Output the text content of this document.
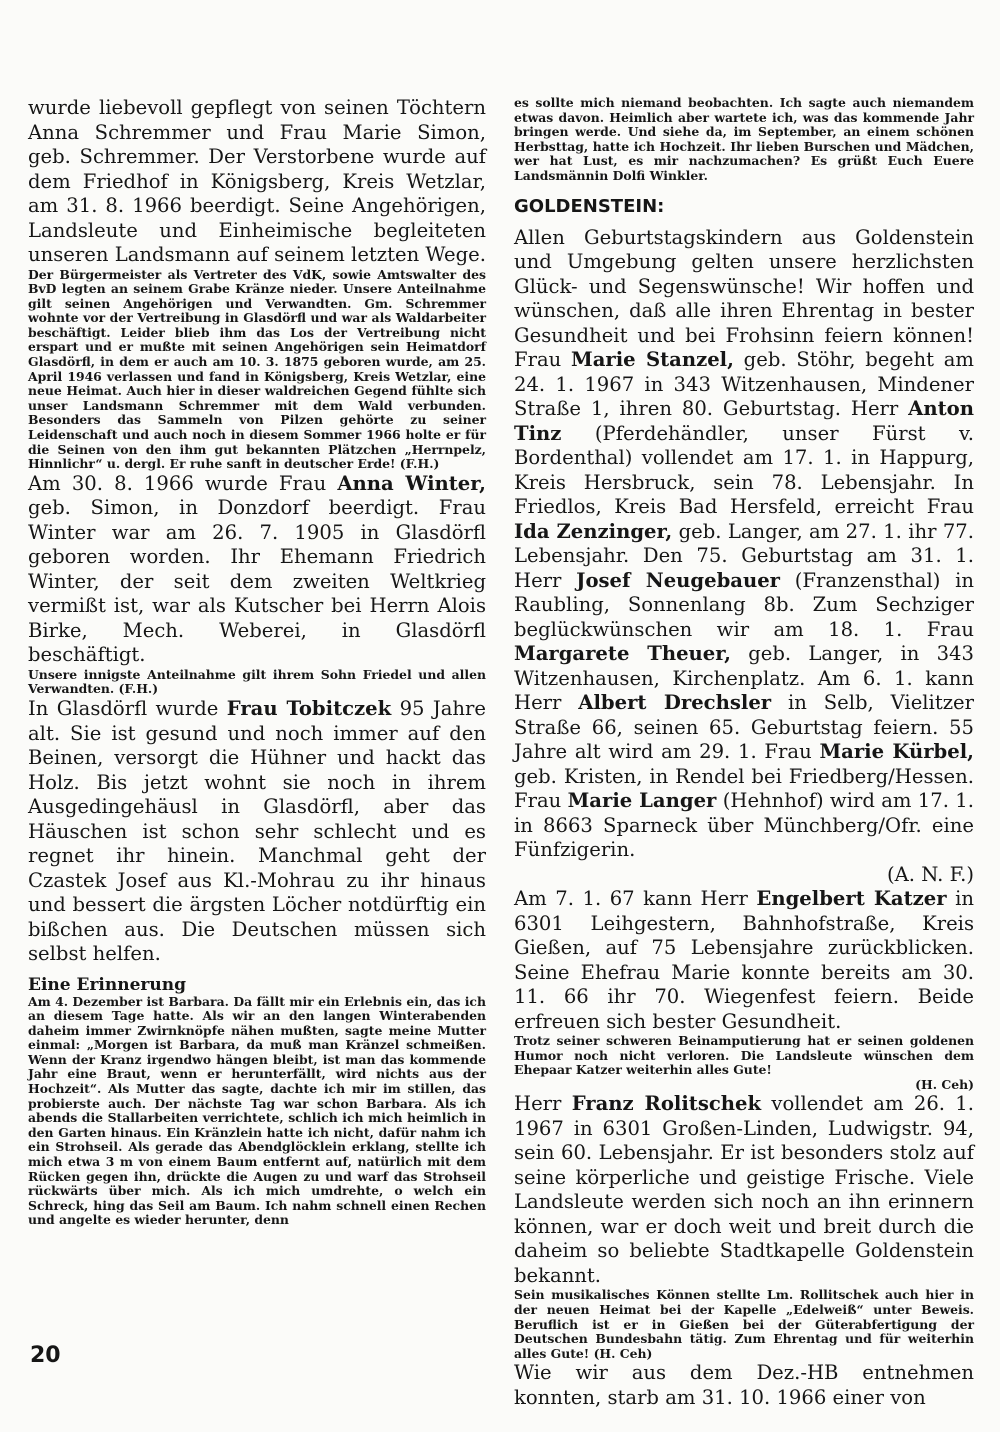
wurde liebevoll gepflegt von seinen Töchtern Anna Schremmer und Frau Marie Simon, geb. Schremmer. Der Verstorbene wurde auf dem Friedhof in Königsberg, Kreis Wetzlar, am 31. 8. 1966 beerdigt. Seine Angehörigen, Landsleute und Einheimische begleiteten unseren Landsmann auf seinem letzten Wege.

Der Bürgermeister als Vertreter des VdK, sowie Amtswalter des BvD legten an seinem Grabe Kränze nieder. Unsere Anteilnahme gilt seinen Angehörigen und Verwandten. Gm. Schremmer wohnte vor der Vertreibung in Glasdörfl und war als Waldarbeiter beschäftigt. Leider blieb ihm das Los der Vertreibung nicht erspart und er mußte mit seinen Angehörigen sein Heimatdorf Glasdörfl, in dem er auch am 10. 3. 1875 geboren wurde, am 25. April 1946 verlassen und fand in Königsberg, Kreis Wetzlar, eine neue Heimat. Auch hier in dieser waldreichen Gegend fühlte sich unser Landsmann Schremmer mit dem Wald verbunden. Besonders das Sammeln von Pilzen gehörte zu seiner Leidenschaft und auch noch in diesem Sommer 1966 holte er für die Seinen von den ihm gut bekannten Plätzchen „Herrnpelz, Hinnlichr“ u. dergl. Er ruhe sanft in deutscher Erde! (F.H.)

Am 30. 8. 1966 wurde Frau Anna Winter, geb. Simon, in Donzdorf beerdigt. Frau Winter war am 26. 7. 1905 in Glasdörfl geboren worden. Ihr Ehemann Friedrich Winter, der seit dem zweiten Weltkrieg vermißt ist, war als Kutscher bei Herrn Alois Birke, Mech. Weberei, in Glasdörfl beschäftigt.

Unsere innigste Anteilnahme gilt ihrem Sohn Friedel und allen Verwandten. (F.H.)

In Glasdörfl wurde Frau Tobitczek 95 Jahre alt. Sie ist gesund und noch immer auf den Beinen, versorgt die Hühner und hackt das Holz. Bis jetzt wohnt sie noch in ihrem Ausgedingehäusl in Glasdörfl, aber das Häuschen ist schon sehr schlecht und es regnet ihr hinein. Manchmal geht der Czastek Josef aus Kl.-Mohrau zu ihr hinaus und bessert die ärgsten Löcher notdürftig ein bißchen aus. Die Deutschen müssen sich selbst helfen.

Eine Erinnerung

Am 4. Dezember ist Barbara. Da fällt mir ein Erlebnis ein, das ich an diesem Tage hatte. Als wir an den langen Winterabenden daheim immer Zwirnknöpfe nähen mußten, sagte meine Mutter einmal: „Morgen ist Barbara, da muß man Kränzel schmeißen. Wenn der Kranz irgendwo hängen bleibt, ist man das kommende Jahr eine Braut, wenn er herunterfällt, wird nichts aus der Hochzeit“. Als Mutter das sagte, dachte ich mir im stillen, das probierste auch. Der nächste Tag war schon Barbara. Als ich abends die Stallarbeiten verrichtete, schlich ich mich heimlich in den Garten hinaus. Ein Kränzlein hatte ich nicht, dafür nahm ich ein Strohseil. Als gerade das Abendglöcklein erklang, stellte ich mich etwa 3 m von einem Baum entfernt auf, natürlich mit dem Rücken gegen ihn, drückte die Augen zu und warf das Strohseil rückwärts über mich. Als ich mich umdrehte, o welch ein Schreck, hing das Seil am Baum. Ich nahm schnell einen Rechen und angelte es wieder herunter, denn

es sollte mich niemand beobachten. Ich sagte auch niemandem etwas davon. Heimlich aber wartete ich, was das kommende Jahr bringen werde. Und siehe da, im September, an einem schönen Herbsttag, hatte ich Hochzeit. Ihr lieben Burschen und Mädchen, wer hat Lust, es mir nachzumachen? Es grüßt Euch Euere Landsmännin Dolfi Winkler.

GOLDENSTEIN:

Allen Geburtstagskindern aus Goldenstein und Umgebung gelten unsere herzlichsten Glück- und Segenswünsche! Wir hoffen und wünschen, daß alle ihren Ehrentag in bester Gesundheit und bei Frohsinn feiern können! Frau Marie Stanzel, geb. Stöhr, begeht am 24. 1. 1967 in 343 Witzenhausen, Mindener Straße 1, ihren 80. Geburtstag. Herr Anton Tinz (Pferdehändler, unser Fürst v. Bordenthal) vollendet am 17. 1. in Happurg, Kreis Hersbruck, sein 78. Lebensjahr. In Friedlos, Kreis Bad Hersfeld, erreicht Frau Ida Zenzinger, geb. Langer, am 27. 1. ihr 77. Lebensjahr. Den 75. Geburtstag am 31. 1. Herr Josef Neugebauer (Franzensthal) in Raubling, Sonnenlang 8b. Zum Sechziger beglückwünschen wir am 18. 1. Frau Margarete Theuer, geb. Langer, in 343 Witzenhausen, Kirchenplatz. Am 6. 1. kann Herr Albert Drechsler in Selb, Vielitzer Straße 66, seinen 65. Geburtstag feiern. 55 Jahre alt wird am 29. 1. Frau Marie Kürbel, geb. Kristen, in Rendel bei Friedberg/Hessen. Frau Marie Langer (Hehnhof) wird am 17. 1. in 8663 Sparneck über Münchberg/Ofr. eine Fünfzigerin.

(A. N. F.)

Am 7. 1. 67 kann Herr Engelbert Katzer in 6301 Leihgestern, Bahnhofstraße, Kreis Gießen, auf 75 Lebensjahre zurückblicken. Seine Ehefrau Marie konnte bereits am 30. 11. 66 ihr 70. Wiegenfest feiern. Beide erfreuen sich bester Gesundheit.

Trotz seiner schweren Beinamputierung hat er seinen goldenen Humor noch nicht verloren. Die Landsleute wünschen dem Ehepaar Katzer weiterhin alles Gute!

(H. Ceh)

Herr Franz Rolitschek vollendet am 26. 1. 1967 in 6301 Großen-Linden, Ludwigstr. 94, sein 60. Lebensjahr. Er ist besonders stolz auf seine körperliche und geistige Frische. Viele Landsleute werden sich noch an ihn erinnern können, war er doch weit und breit durch die daheim so beliebte Stadtkapelle Goldenstein bekannt.

Sein musikalisches Können stellte Lm. Rollitschek auch hier in der neuen Heimat bei der Kapelle „Edelweiß“ unter Beweis. Beruflich ist er in Gießen bei der Güterabfertigung der Deutschen Bundesbahn tätig. Zum Ehrentag und für weiterhin alles Gute! (H. Ceh)

Wie wir aus dem Dez.-HB entnehmen konnten, starb am 31. 10. 1966 einer von

20
